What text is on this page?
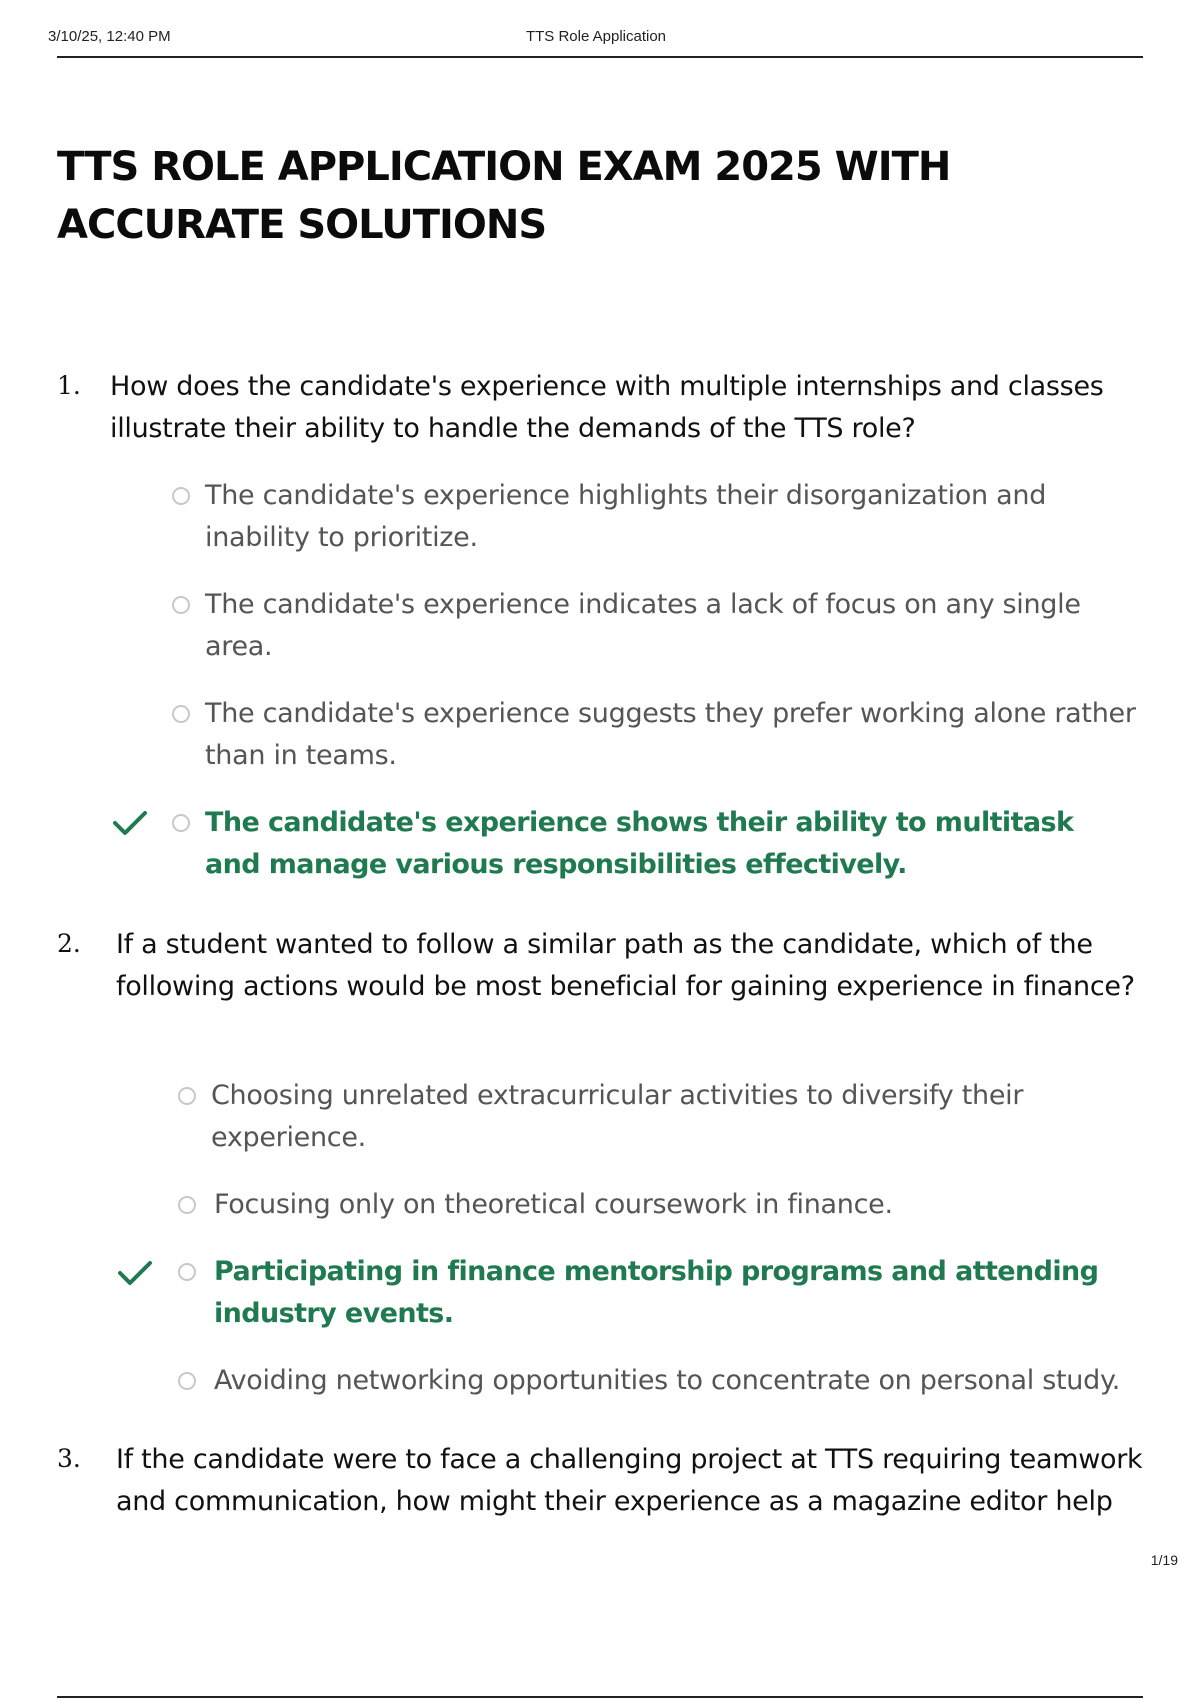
3/10/25, 12:40 PM	TTS Role Application
TTS ROLE APPLICATION EXAM 2025 WITH ACCURATE SOLUTIONS
1. How does the candidate's experience with multiple internships and classes illustrate their ability to handle the demands of the TTS role?
The candidate's experience highlights their disorganization and inability to prioritize.
The candidate's experience indicates a lack of focus on any single area.
The candidate's experience suggests they prefer working alone rather than in teams.
The candidate's experience shows their ability to multitask and manage various responsibilities effectively.
2. If a student wanted to follow a similar path as the candidate, which of the following actions would be most beneficial for gaining experience in finance?
Choosing unrelated extracurricular activities to diversify their experience.
Focusing only on theoretical coursework in finance.
Participating in finance mentorship programs and attending industry events.
Avoiding networking opportunities to concentrate on personal study.
3. If the candidate were to face a challenging project at TTS requiring teamwork and communication, how might their experience as a magazine editor help
1/19
